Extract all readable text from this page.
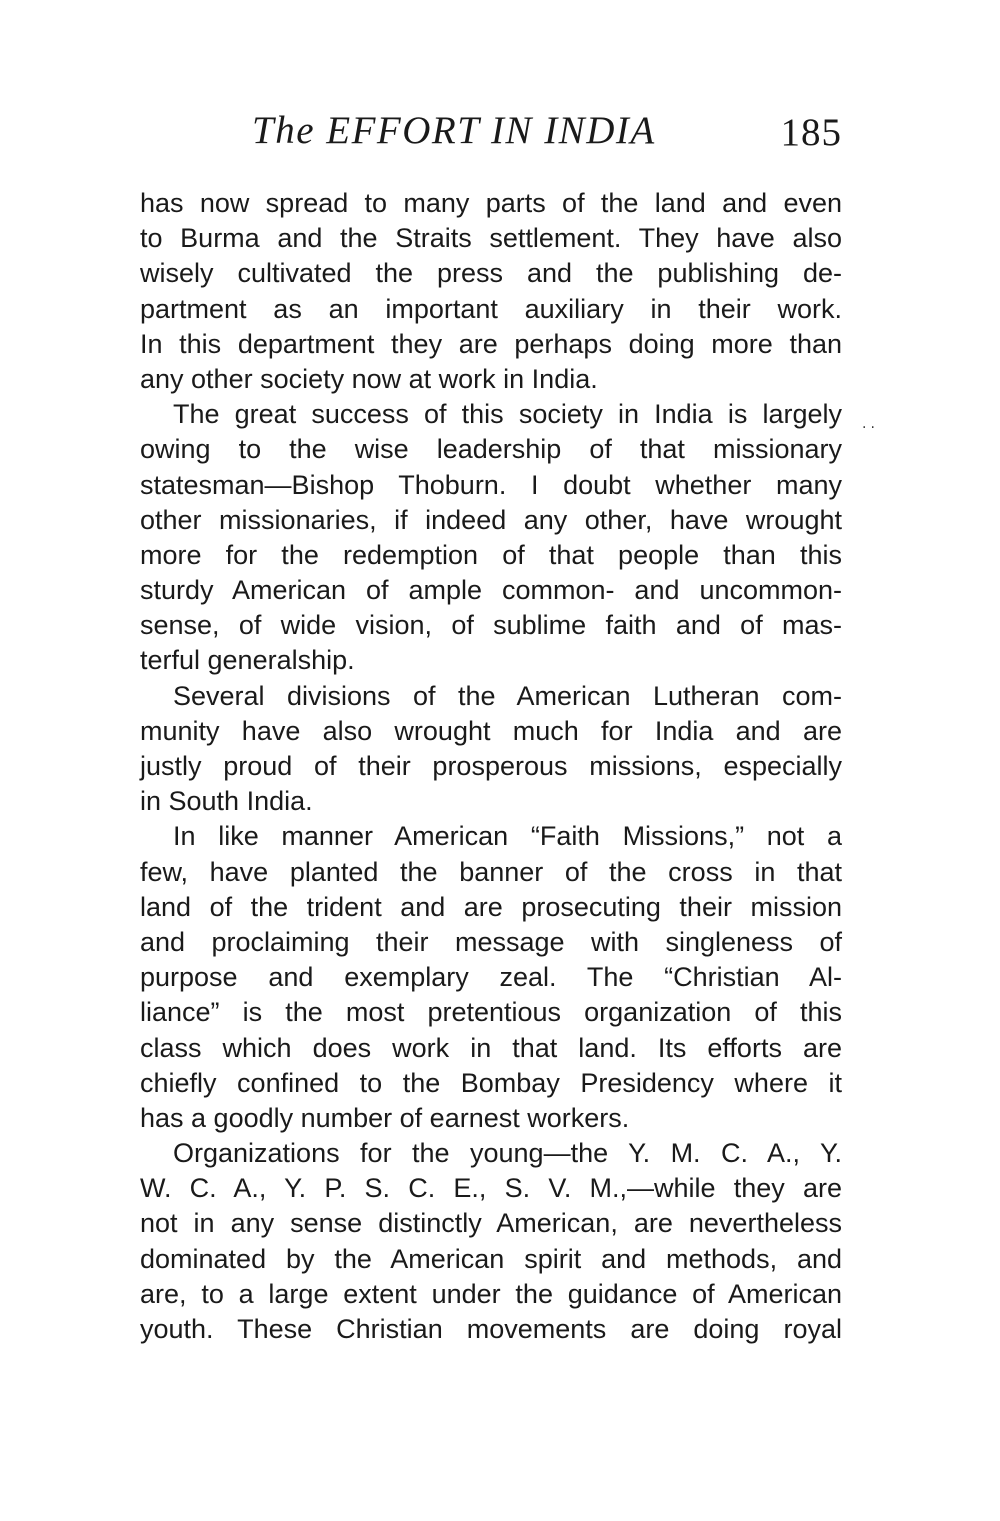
The EFFORT IN INDIA	185
··
has now spread to many parts of the land and even
to Burma and the Straits settlement. They have also
wisely cultivated the press and the publishing de-
partment as an important auxiliary in their work.
In this department they are perhaps doing more than
any other society now at work in India.
The great success of this society in India is largely
owing to the wise leadership of that missionary
statesman—Bishop Thoburn. I doubt whether many
other missionaries, if indeed any other, have wrought
more for the redemption of that people than this
sturdy American of ample common- and uncommon-
sense, of wide vision, of sublime faith and of mas-
terful generalship.
Several divisions of the American Lutheran com-
munity have also wrought much for India and are
justly proud of their prosperous missions, especially
in South India.
In like manner American “Faith Missions,” not a
few, have planted the banner of the cross in that
land of the trident and are prosecuting their mission
and proclaiming their message with singleness of
purpose and exemplary zeal. The “Christian Al-
liance” is the most pretentious organization of this
class which does work in that land. Its efforts are
chiefly confined to the Bombay Presidency where it
has a goodly number of earnest workers.
Organizations for the young—the Y. M. C. A., Y.
W. C. A., Y. P. S. C. E., S. V. M.,—while they are
not in any sense distinctly American, are nevertheless
dominated by the American spirit and methods, and
are, to a large extent under the guidance of American
youth. These Christian movements are doing royal
